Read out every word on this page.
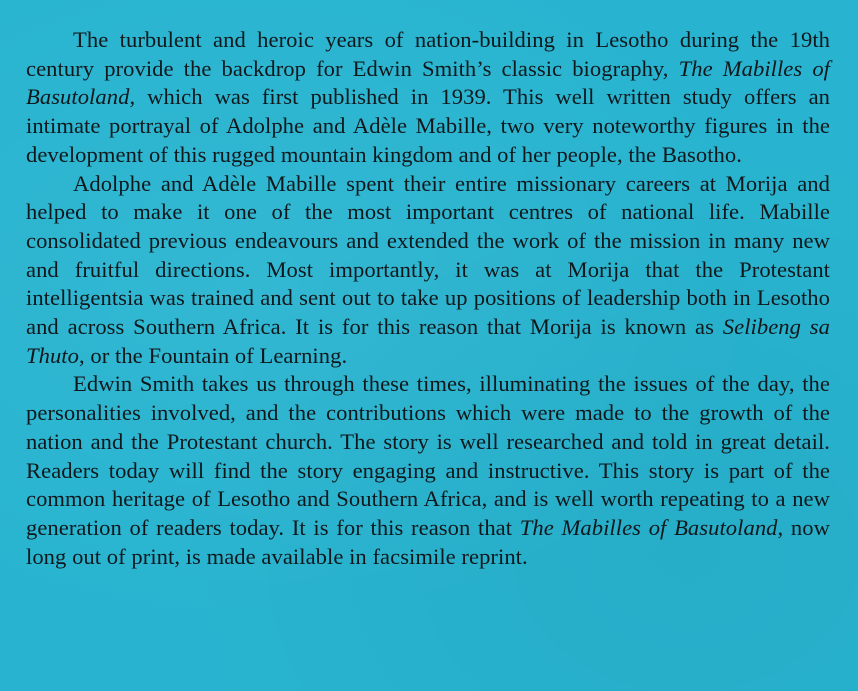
The turbulent and heroic years of nation-building in Lesotho during the 19th century provide the backdrop for Edwin Smith’s classic biography, The Mabilles of Basutoland, which was first published in 1939. This well written study offers an intimate portrayal of Adolphe and Adèle Mabille, two very noteworthy figures in the development of this rugged mountain kingdom and of her people, the Basotho.

Adolphe and Adèle Mabille spent their entire missionary careers at Morija and helped to make it one of the most important centres of national life. Mabille consolidated previous endeavours and extended the work of the mission in many new and fruitful directions. Most importantly, it was at Morija that the Protestant intelligentsia was trained and sent out to take up positions of leadership both in Lesotho and across Southern Africa. It is for this reason that Morija is known as Selibeng sa Thuto, or the Fountain of Learning.

Edwin Smith takes us through these times, illuminating the issues of the day, the personalities involved, and the contributions which were made to the growth of the nation and the Protestant church. The story is well researched and told in great detail. Readers today will find the story engaging and instructive. This story is part of the common heritage of Lesotho and Southern Africa, and is well worth repeating to a new generation of readers today. It is for this reason that The Mabilles of Basutoland, now long out of print, is made available in facsimile reprint.
